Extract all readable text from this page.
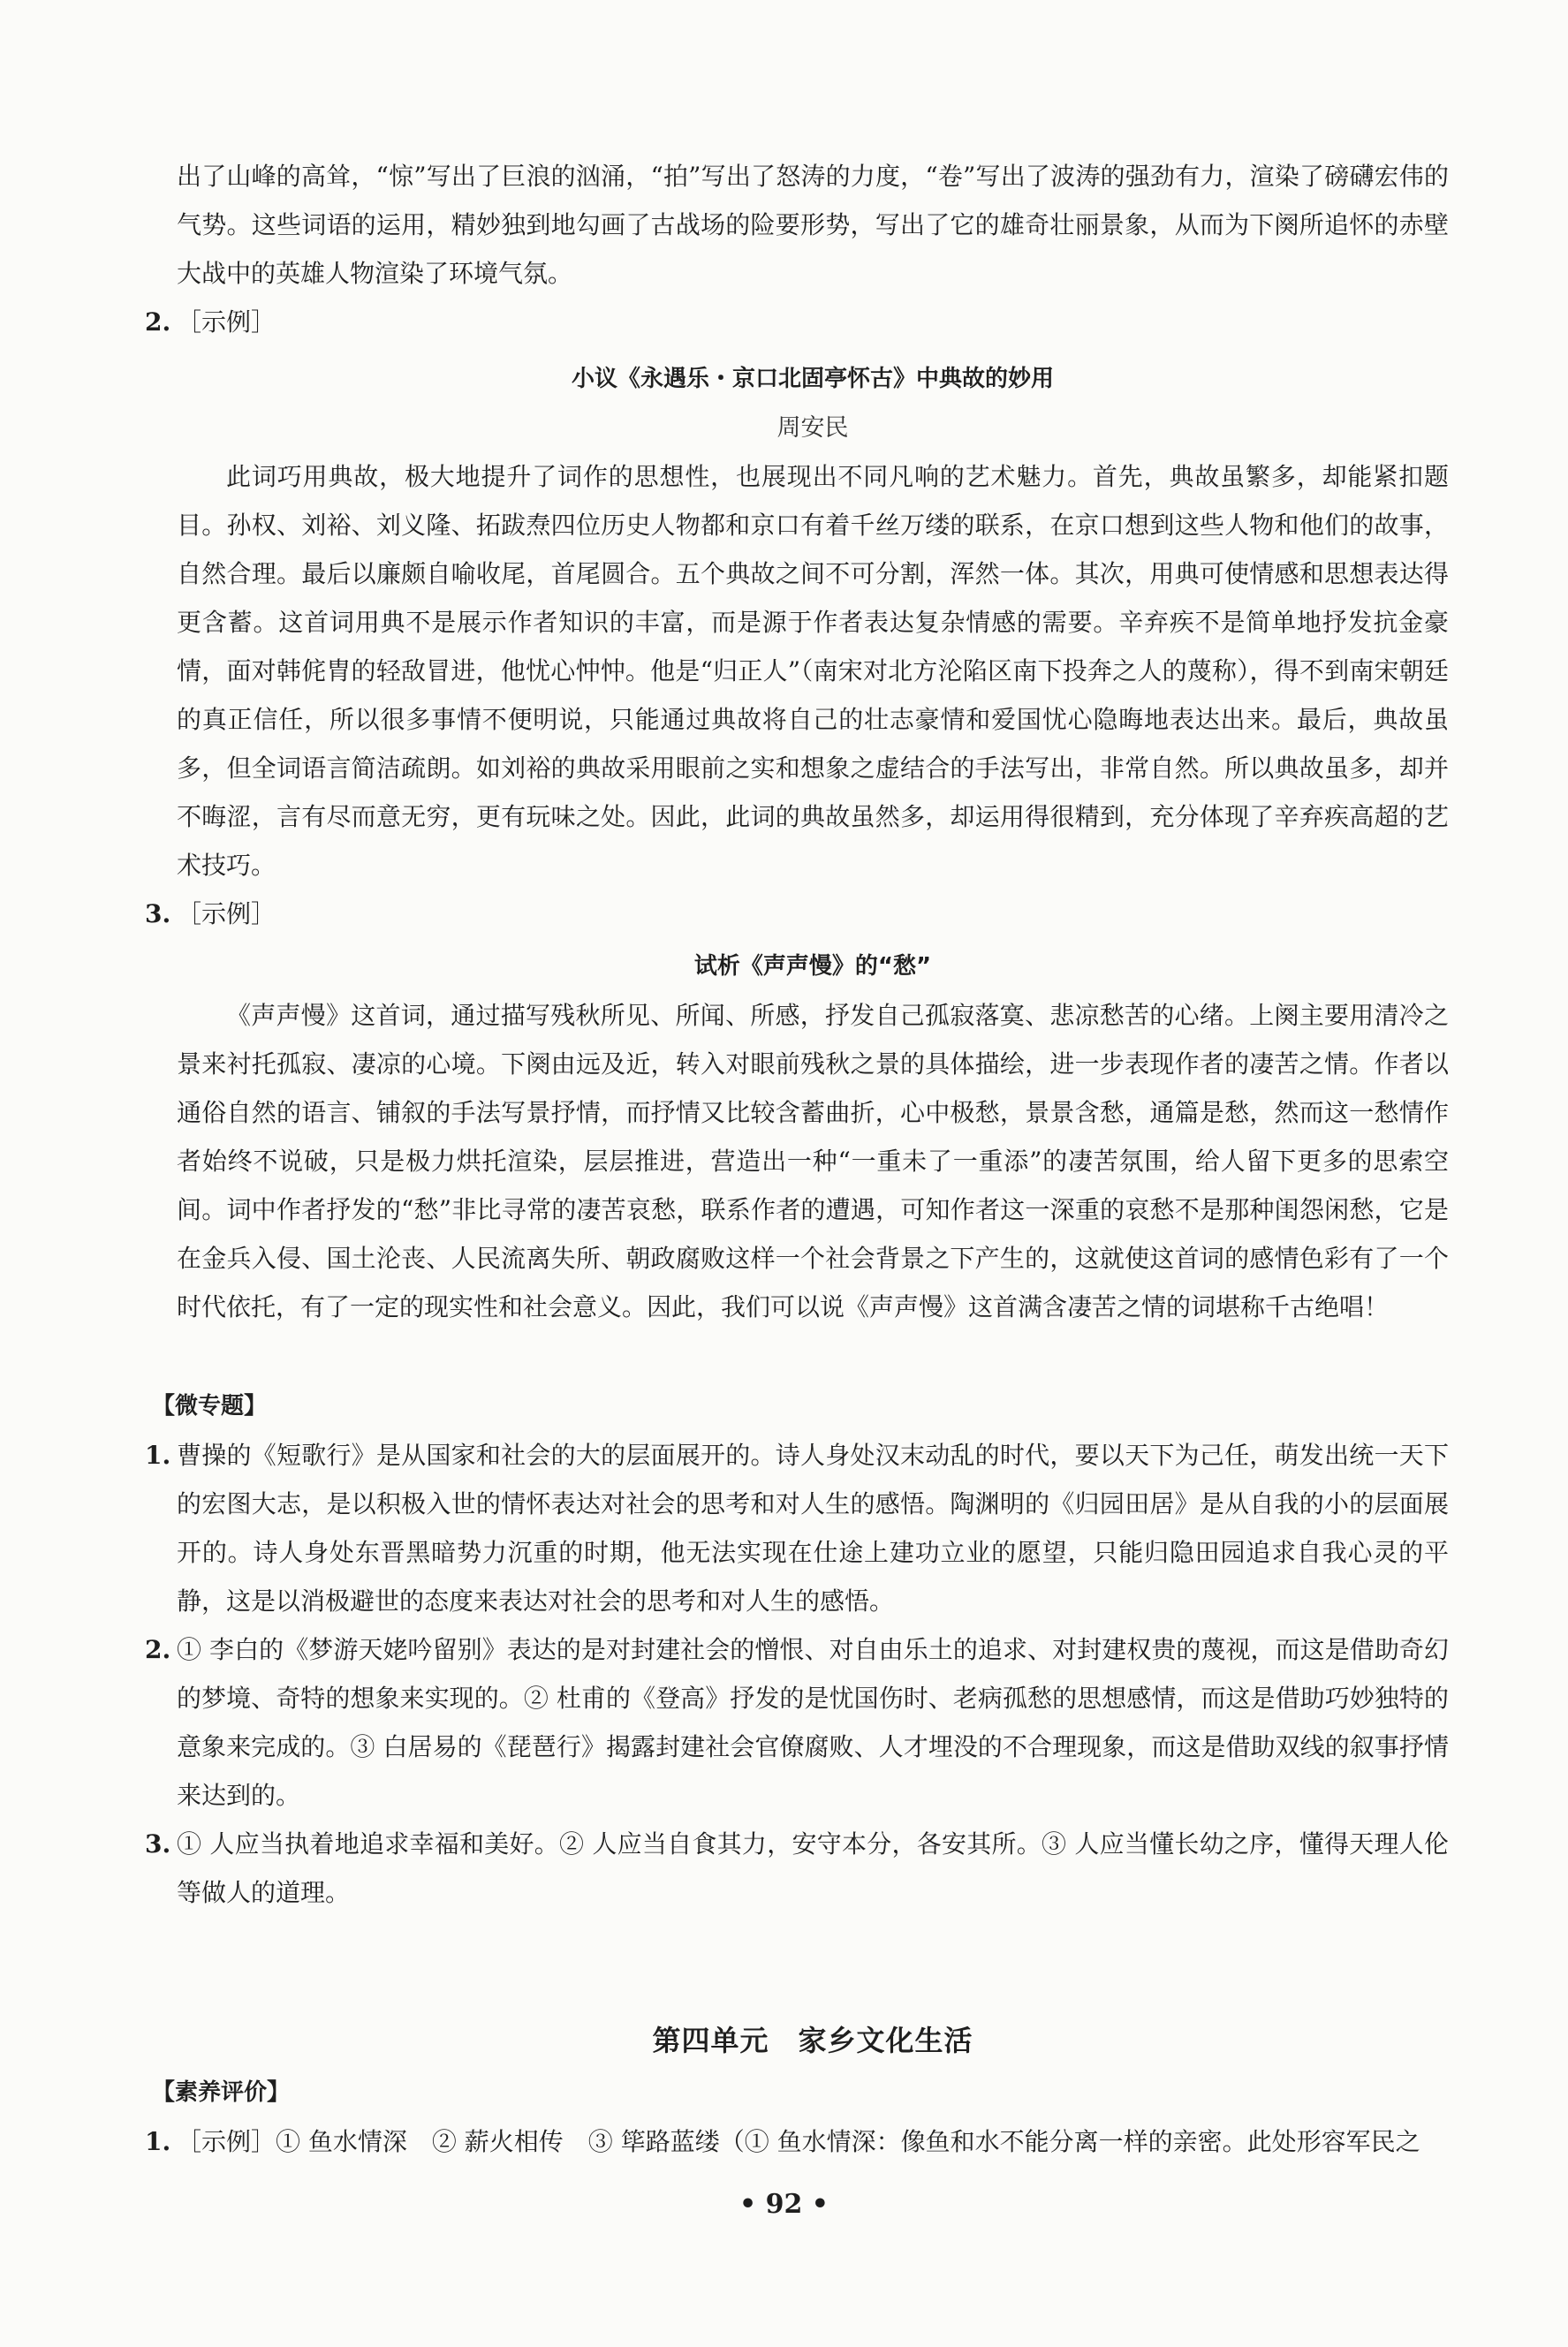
出了山峰的高耸，“惊”写出了巨浪的汹涌，“拍”写出了怒涛的力度，“卷”写出了波涛的强劲有力，渲染了磅礴宏伟的气势。这些词语的运用，精妙独到地勾画了古战场的险要形势，写出了它的雄奇壮丽景象，从而为下阕所追怀的赤壁大战中的英雄人物渲染了环境气氛。

2. ［示例］

小议《永遇乐・京口北固亭怀古》中典故的妙用

周安民

此词巧用典故，极大地提升了词作的思想性，也展现出不同凡响的艺术魅力。首先，典故虽繁多，却能紧扣题目。孙权、刘裕、刘义隆、拓跋焘四位历史人物都和京口有着千丝万缕的联系，在京口想到这些人物和他们的故事，自然合理。最后以廉颇自喻收尾，首尾圆合。五个典故之间不可分割，浑然一体。其次，用典可使情感和思想表达得更含蓄。这首词用典不是展示作者知识的丰富，而是源于作者表达复杂情感的需要。辛弃疾不是简单地抒发抗金豪情，面对韩侂胄的轻敌冒进，他忧心忡忡。他是“归正人”（南宋对北方沦陷区南下投奔之人的蔑称），得不到南宋朝廷的真正信任，所以很多事情不便明说，只能通过典故将自己的壮志豪情和爱国忧心隐晦地表达出来。最后，典故虽多，但全词语言简洁疏朗。如刘裕的典故采用眼前之实和想象之虚结合的手法写出，非常自然。所以典故虽多，却并不晦涩，言有尽而意无穷，更有玩味之处。因此，此词的典故虽然多，却运用得很精到，充分体现了辛弃疾高超的艺术技巧。

3. ［示例］

试析《声声慢》的“愁”

《声声慢》这首词，通过描写残秋所见、所闻、所感，抒发自己孤寂落寞、悲凉愁苦的心绪。上阕主要用清冷之景来衬托孤寂、凄凉的心境。下阕由远及近，转入对眼前残秋之景的具体描绘，进一步表现作者的凄苦之情。作者以通俗自然的语言、铺叙的手法写景抒情，而抒情又比较含蓄曲折，心中极愁，景景含愁，通篇是愁，然而这一愁情作者始终不说破，只是极力烘托渲染，层层推进，营造出一种“一重未了一重添”的凄苦氛围，给人留下更多的思索空间。词中作者抒发的“愁”非比寻常的凄苦哀愁，联系作者的遭遇，可知作者这一深重的哀愁不是那种闺怨闲愁，它是在金兵入侵、国土沦丧、人民流离失所、朝政腐败这样一个社会背景之下产生的，这就使这首词的感情色彩有了一个时代依托，有了一定的现实性和社会意义。因此，我们可以说《声声慢》这首满含凄苦之情的词堪称千古绝唱！

【微专题】

1. 曹操的《短歌行》是从国家和社会的大的层面展开的。诗人身处汉末动乱的时代，要以天下为己任，萌发出统一天下的宏图大志，是以积极入世的情怀表达对社会的思考和对人生的感悟。陶渊明的《归园田居》是从自我的小的层面展开的。诗人身处东晋黑暗势力沉重的时期，他无法实现在仕途上建功立业的愿望，只能归隐田园追求自我心灵的平静，这是以消极避世的态度来表达对社会的思考和对人生的感悟。
2. ① 李白的《梦游天姥吟留别》表达的是对封建社会的憎恨、对自由乐土的追求、对封建权贵的蔑视，而这是借助奇幻的梦境、奇特的想象来实现的。② 杜甫的《登高》抒发的是忧国伤时、老病孤愁的思想感情，而这是借助巧妙独特的意象来完成的。③ 白居易的《琵琶行》揭露封建社会官僚腐败、人才埋没的不合理现象，而这是借助双线的叙事抒情来达到的。
3. ① 人应当执着地追求幸福和美好。② 人应当自食其力，安守本分，各安其所。③ 人应当懂长幼之序，懂得天理人伦等做人的道理。

第四单元　家乡文化生活

【素养评价】

1. ［示例］① 鱼水情深　② 薪火相传　③ 筚路蓝缕（① 鱼水情深：像鱼和水不能分离一样的亲密。此处形容军民之
• 92 •
